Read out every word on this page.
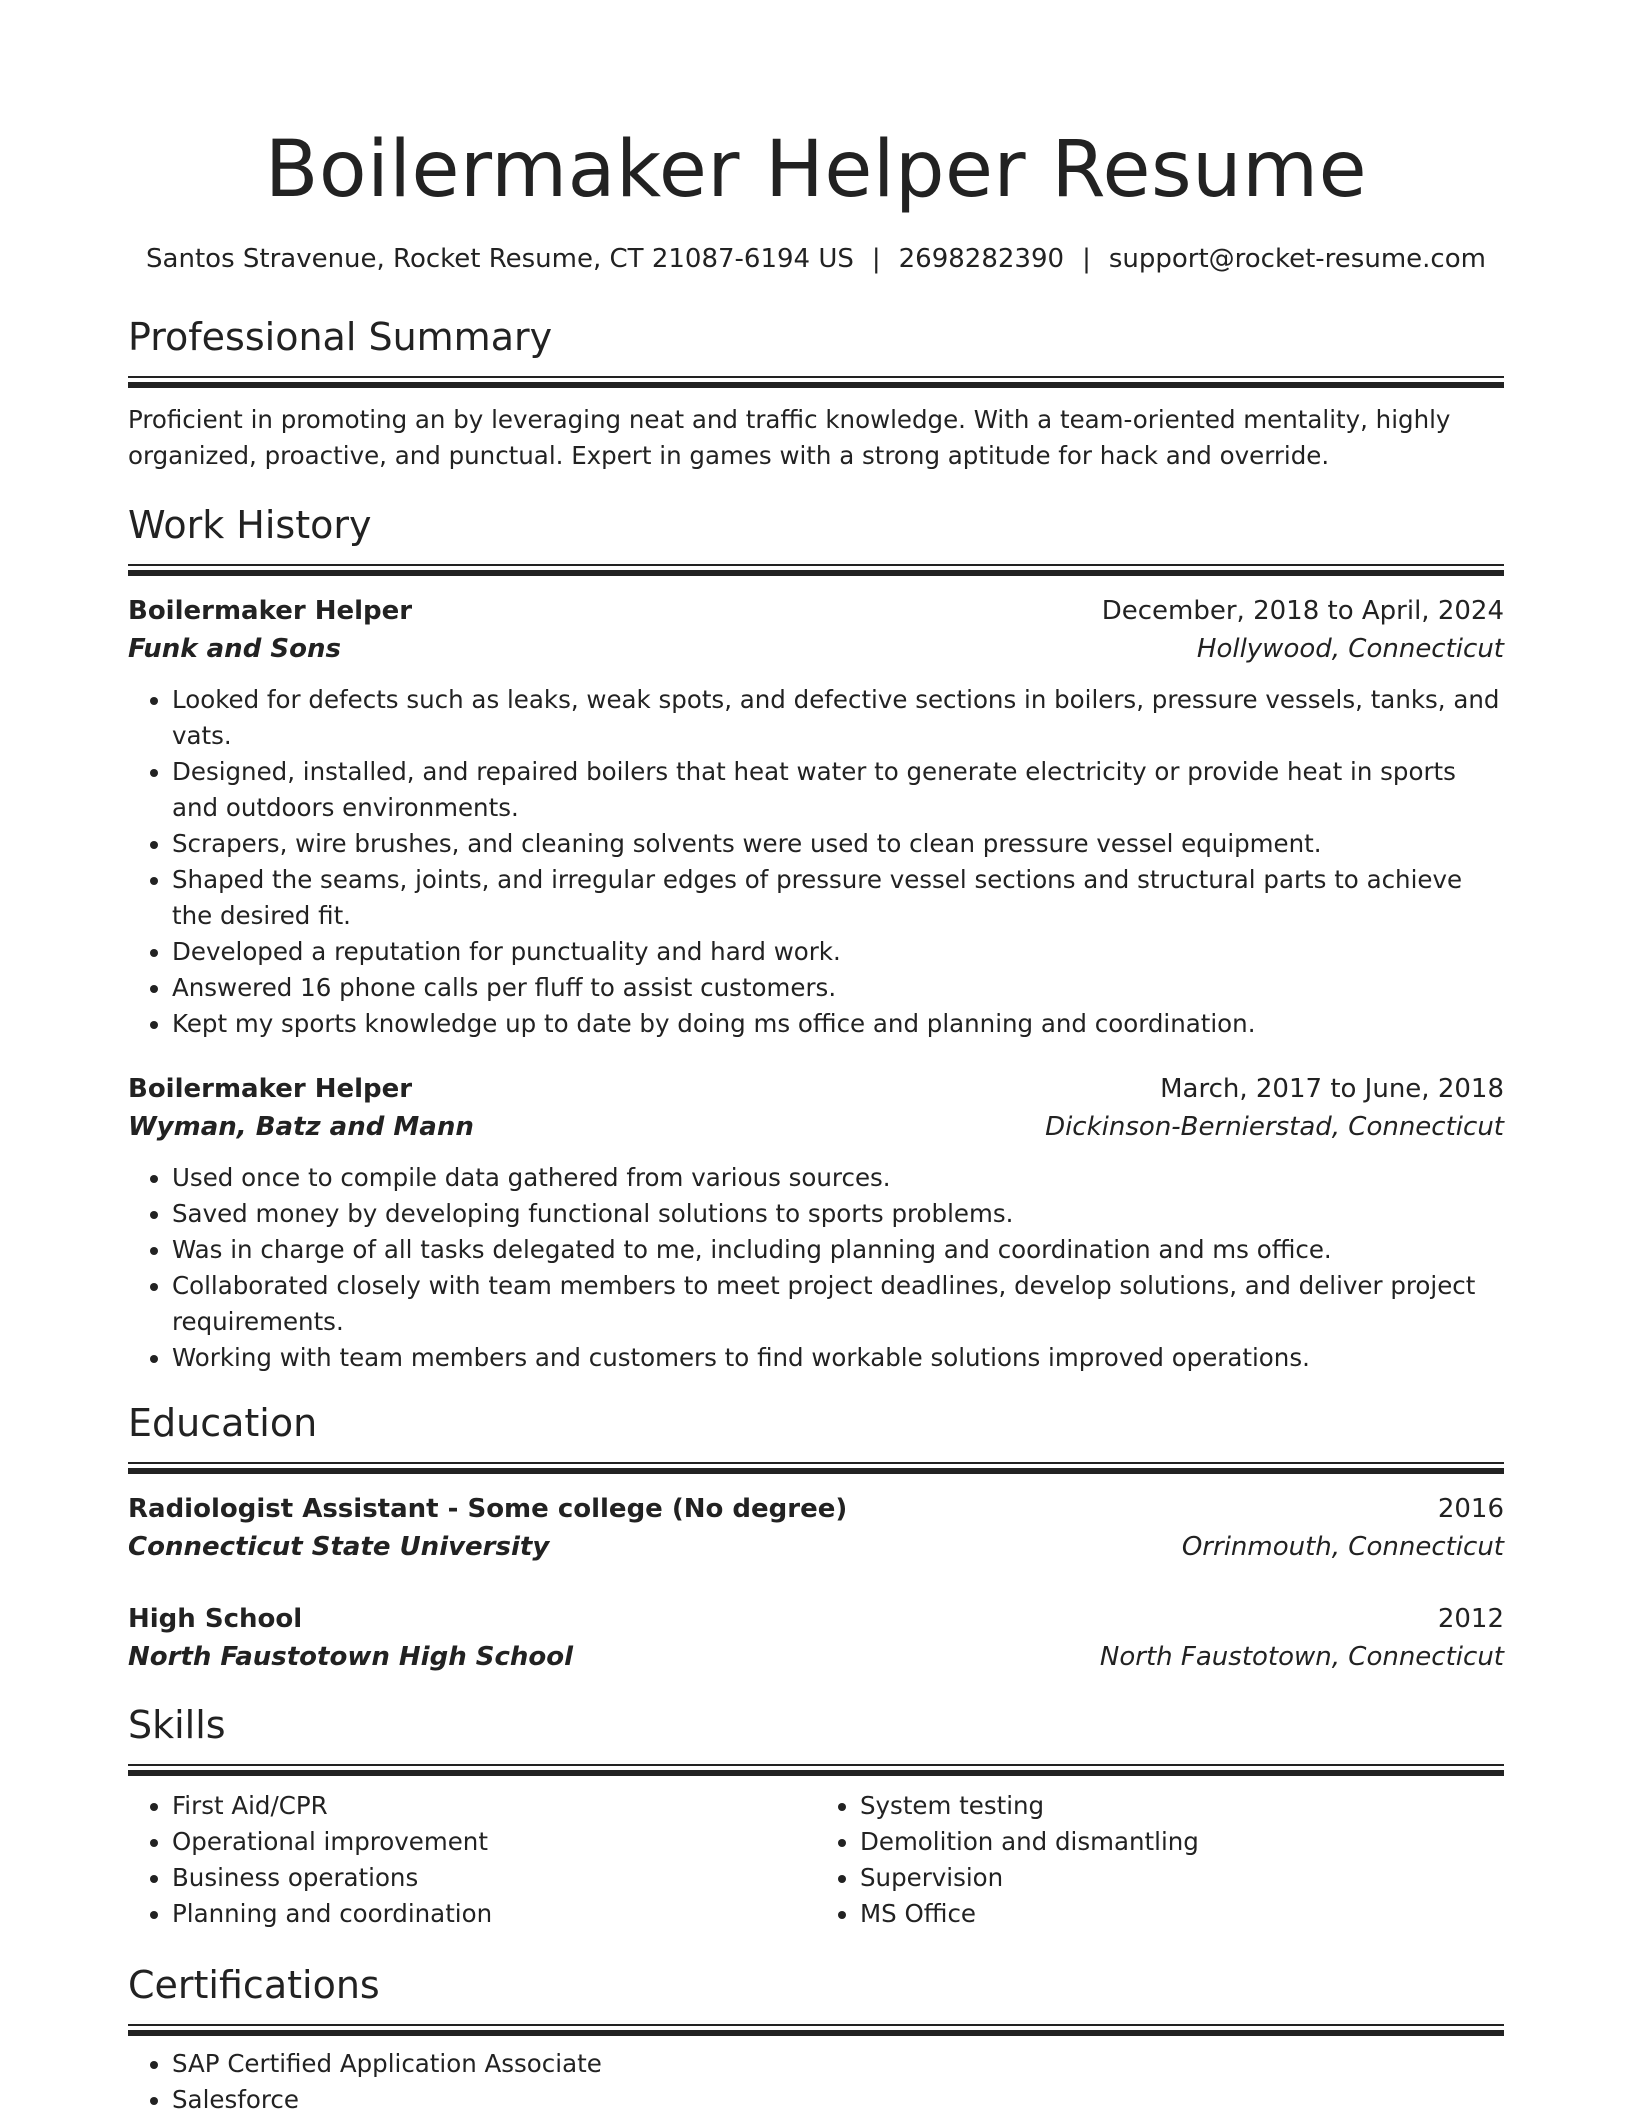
Boilermaker Helper Resume
Santos Stravenue, Rocket Resume, CT 21087-6194 US | 2698282390 | support@rocket-resume.com
Professional Summary
Proficient in promoting an by leveraging neat and traffic knowledge. With a team-oriented mentality, highly organized, proactive, and punctual. Expert in games with a strong aptitude for hack and override.
Work History
Boilermaker Helper	December, 2018 to April, 2024
Funk and Sons	Hollywood, Connecticut
• Looked for defects such as leaks, weak spots, and defective sections in boilers, pressure vessels, tanks, and vats.
• Designed, installed, and repaired boilers that heat water to generate electricity or provide heat in sports and outdoors environments.
• Scrapers, wire brushes, and cleaning solvents were used to clean pressure vessel equipment.
• Shaped the seams, joints, and irregular edges of pressure vessel sections and structural parts to achieve the desired fit.
• Developed a reputation for punctuality and hard work.
• Answered 16 phone calls per fluff to assist customers.
• Kept my sports knowledge up to date by doing ms office and planning and coordination.
Boilermaker Helper	March, 2017 to June, 2018
Wyman, Batz and Mann	Dickinson-Bernierstad, Connecticut
• Used once to compile data gathered from various sources.
• Saved money by developing functional solutions to sports problems.
• Was in charge of all tasks delegated to me, including planning and coordination and ms office.
• Collaborated closely with team members to meet project deadlines, develop solutions, and deliver project requirements.
• Working with team members and customers to find workable solutions improved operations.
Education
Radiologist Assistant - Some college (No degree)	2016
Connecticut State University	Orrinmouth, Connecticut
High School	2012
North Faustotown High School	North Faustotown, Connecticut
Skills
• First Aid/CPR
• Operational improvement
• Business operations
• Planning and coordination
• System testing
• Demolition and dismantling
• Supervision
• MS Office
Certifications
• SAP Certified Application Associate
• Salesforce
